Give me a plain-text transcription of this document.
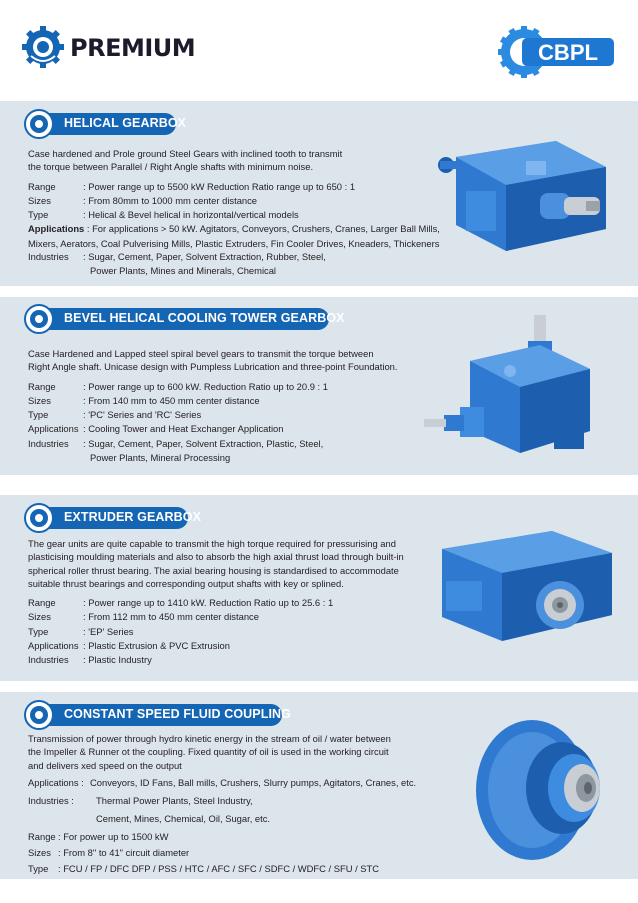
PREMIUM	CBPL
HELICAL GEARBOX
Case hardened and Prole ground Steel Gears with inclined tooth to transmit
the torque between Parallel / Right Angle shafts with minimum noise.
Range	: Power range up to 5500 kW Reduction Ratio range up to 650 : 1
Sizes	: From 80mm to 1000 mm center distance
Type	: Helical & Bevel helical in horizontal/vertical models
Applications : For applications > 50 kW. Agitators, Conveyors, Crushers, Cranes, Larger Ball Mills,
Mixers, Aerators, Coal Pulverising Mills, Plastic Extruders, Fin Cooler Drives, Kneaders, Thickeners
Industries : Sugar, Cement, Paper, Solvent Extraction, Rubber, Steel,
Power Plants, Mines and Minerals, Chemical
BEVEL HELICAL COOLING TOWER GEARBOX
Case Hardened and Lapped steel spiral bevel gears to transmit the torque between
Right Angle shaft. Unicase design with Pumpless Lubrication and three-point Foundation.
Range	: Power range up to 600 kW. Reduction Ratio up to 20.9 : 1
Sizes	: From 140 mm to 450 mm center distance
Type	: 'PC' Series and 'RC' Series
Applications : Cooling Tower and Heat Exchanger Application
Industries : Sugar, Cement, Paper, Solvent Extraction, Plastic, Steel,
Power Plants, Mineral Processing
EXTRUDER GEARBOX
The gear units are quite capable to transmit the high torque required for pressurising and
plasticising moulding materials and also to absorb the high axial thrust load through built-in
spherical roller thrust bearing. The axial bearing housing is standardised to accommodate
suitable thrust bearings and corresponding output shafts with key or splined.
Range	: Power range up to 1410 kW. Reduction Ratio up to 25.6 : 1
Sizes	: From 112 mm to 450 mm center distance
Type	: 'EP' Series
Applications : Plastic Extrusion & PVC Extrusion
Industries : Plastic Industry
CONSTANT SPEED FLUID COUPLING
Transmission of power through hydro kinetic energy in the stream of oil / water between
the Impeller & Runner ot the coupling. Fixed quantity of oil is used in the working circuit
and delivers xed speed on the output
Applications : Conveyors, ID Fans, Ball mills, Crushers, Slurry pumps, Agitators, Cranes, etc.
Industries : Thermal Power Plants, Steel Industry,
Cement, Mines, Chemical, Oil, Sugar, etc.
Range : For power up to 1500 kW
Sizes : From 8" to 41" circuit diameter
Type : FCU / FP / DFC DFP / PSS / HTC / AFC / SFC / SDFC / WDFC / SFU / STC
